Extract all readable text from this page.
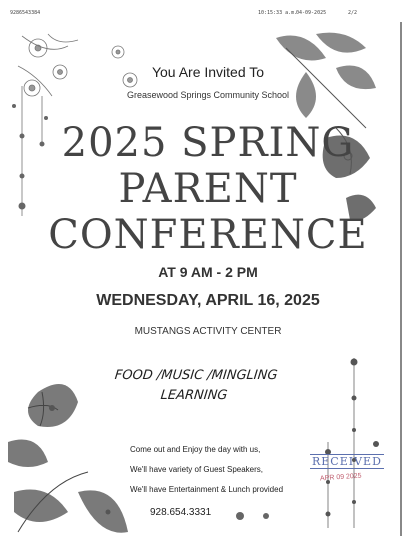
9286543384	10:15:33 a.m.
04-09-2025	2/2
You Are Invited To
Greasewood Springs Community School
2025 SPRING
PARENT
CONFERENCE
AT 9 AM - 2 PM
WEDNESDAY, APRIL 16, 2025
MUSTANGS ACTIVITY CENTER
FOOD /MUSIC /MINGLING
LEARNING
Come out and Enjoy the day with us,
We'll have variety of Guest Speakers,
We'll have Entertainment & Lunch provided
928.654.3331
RECEIVED
APR 09 2025
